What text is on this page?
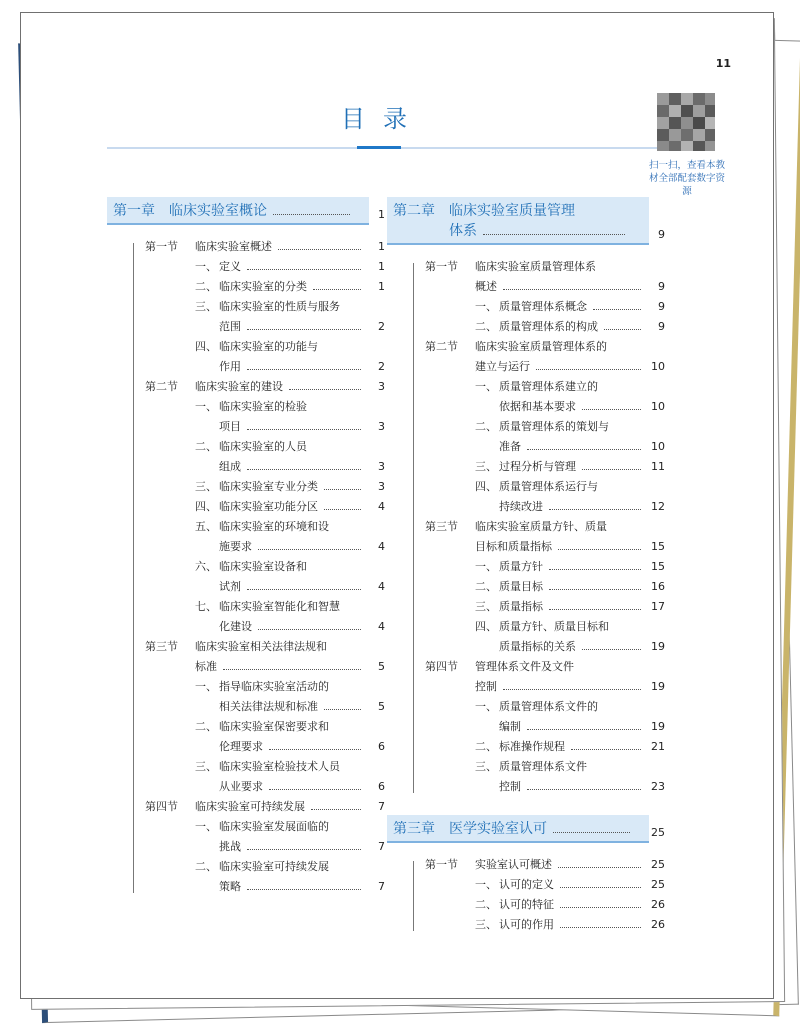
11
目录
扫一扫，查看本教材全部配套数字资源
第一章 临床实验室概论	1
第一节	临床实验室概述	1
一、 定义	1
二、 临床实验室的分类	1
三、 临床实验室的性质与服务
范围	2
四、 临床实验室的功能与
作用	2
第二节	临床实验室的建设	3
一、 临床实验室的检验
项目	3
二、 临床实验室的人员
组成	3
三、 临床实验室专业分类	3
四、 临床实验室功能分区	4
五、 临床实验室的环境和设
施要求	4
六、 临床实验室设备和
试剂	4
七、 临床实验室智能化和智慧
化建设	4
第三节	临床实验室相关法律法规和
标准	5
一、 指导临床实验室活动的
相关法律法规和标准	5
二、 临床实验室保密要求和
伦理要求	6
三、 临床实验室检验技术人员
从业要求	6
第四节	临床实验室可持续发展	7
一、 临床实验室发展面临的
挑战	7
二、 临床实验室可持续发展
策略	7
第二章 临床实验室质量管理
体系	9
第一节	临床实验室质量管理体系
概述	9
一、 质量管理体系概念	9
二、 质量管理体系的构成	9
第二节	临床实验室质量管理体系的
建立与运行	10
一、 质量管理体系建立的
依据和基本要求	10
二、 质量管理体系的策划与
准备	10
三、 过程分析与管理	11
四、 质量管理体系运行与
持续改进	12
第三节	临床实验室质量方针、质量
目标和质量指标	15
一、 质量方针	15
二、 质量目标	16
三、 质量指标	17
四、 质量方针、质量目标和
质量指标的关系	19
第四节	管理体系文件及文件
控制	19
一、 质量管理体系文件的
编制	19
二、 标准操作规程	21
三、 质量管理体系文件
控制	23
第三章 医学实验室认可	25
第一节	实验室认可概述	25
一、 认可的定义	25
二、 认可的特征	26
三、 认可的作用	26
